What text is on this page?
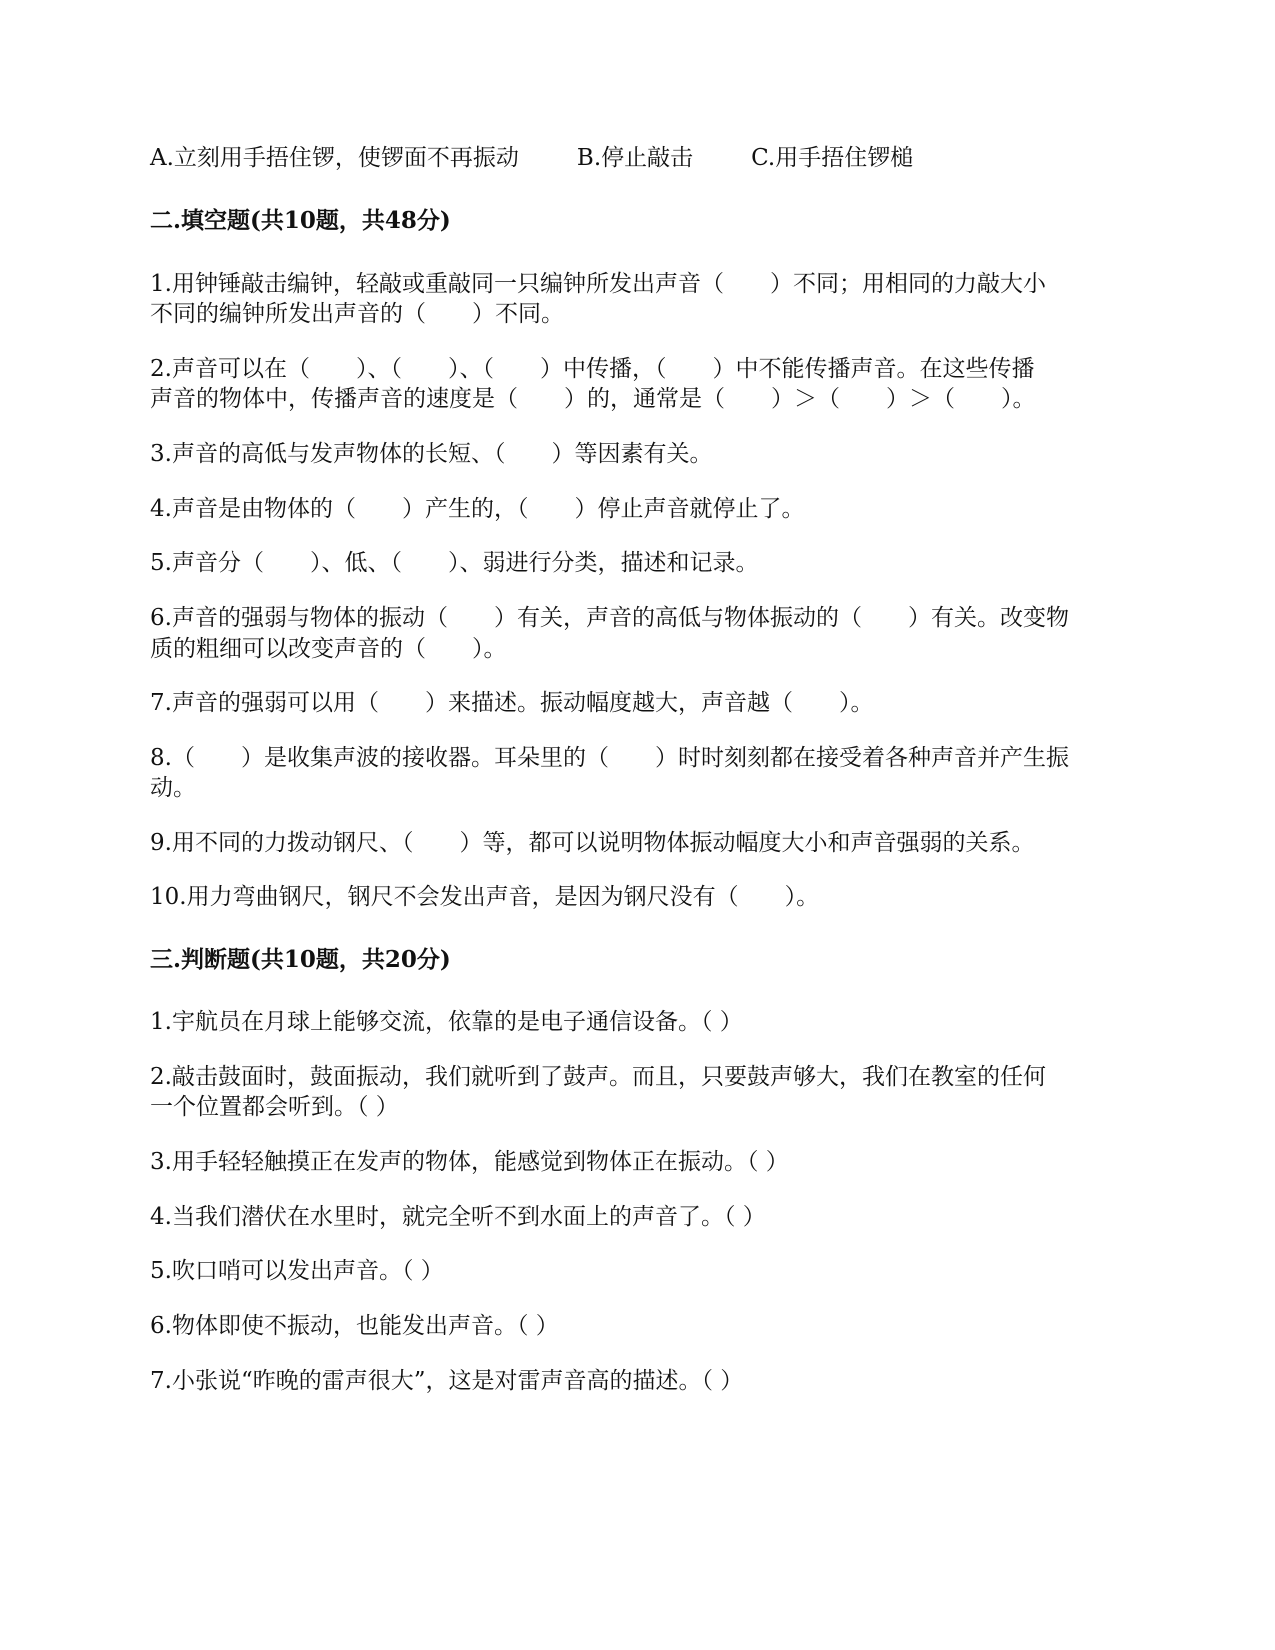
A.立刻用手捂住锣，使锣面不再振动	B.停止敲击	C.用手捂住锣槌
二.填空题(共10题，共48分)
1.用钟锤敲击编钟，轻敲或重敲同一只编钟所发出声音（　　）不同；用相同的力敲大小
不同的编钟所发出声音的（　　）不同。
2.声音可以在（　　）、（　　）、（　　）中传播，（　　）中不能传播声音。在这些传播
声音的物体中，传播声音的速度是（　　）的，通常是（　　）＞（　　）＞（　　）。
3.声音的高低与发声物体的长短、（　　）等因素有关。
4.声音是由物体的（　　）产生的，（　　）停止声音就停止了。
5.声音分（　　）、低、（　　）、弱进行分类，描述和记录。
6.声音的强弱与物体的振动（　　）有关，声音的高低与物体振动的（　　）有关。改变物
质的粗细可以改变声音的（　　）。
7.声音的强弱可以用（　　）来描述。振动幅度越大，声音越（　　）。
8.（　　）是收集声波的接收器。耳朵里的（　　）时时刻刻都在接受着各种声音并产生振
动。
9.用不同的力拨动钢尺、（　　）等，都可以说明物体振动幅度大小和声音强弱的关系。
10.用力弯曲钢尺，钢尺不会发出声音，是因为钢尺没有（　　）。
三.判断题(共10题，共20分)
1.宇航员在月球上能够交流，依靠的是电子通信设备。（ ）
2.敲击鼓面时，鼓面振动，我们就听到了鼓声。而且，只要鼓声够大，我们在教室的任何
一个位置都会听到。（ ）
3.用手轻轻触摸正在发声的物体，能感觉到物体正在振动。（ ）
4.当我们潜伏在水里时，就完全听不到水面上的声音了。（ ）
5.吹口哨可以发出声音。（ ）
6.物体即使不振动，也能发出声音。（ ）
7.小张说“昨晚的雷声很大”，这是对雷声音高的描述。（ ）
